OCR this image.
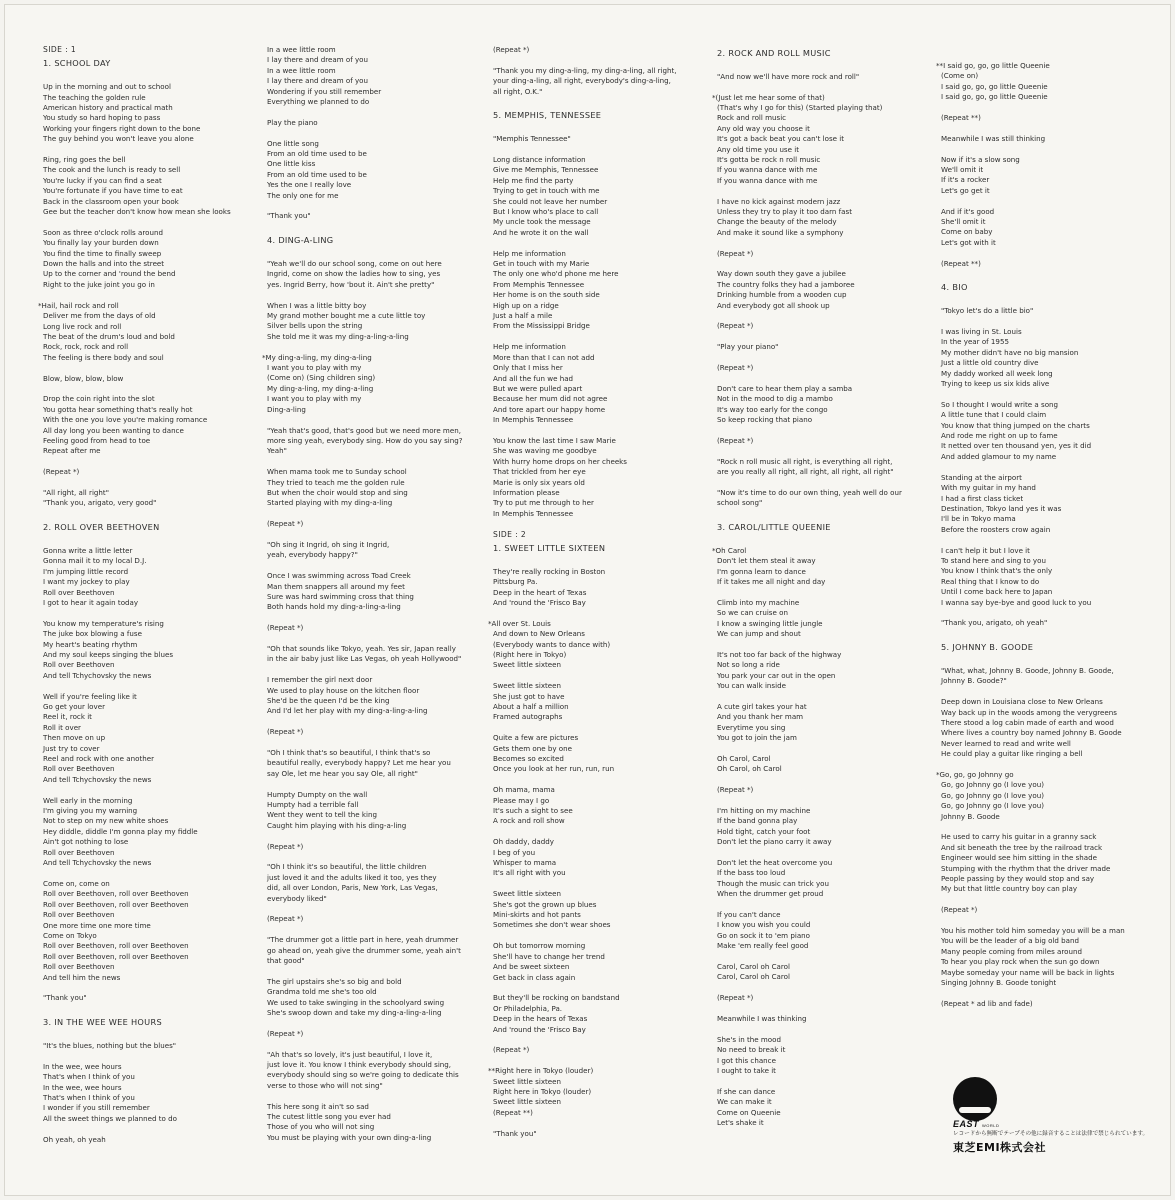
SIDE : 1
1. SCHOOL DAY
Up in the morning and out to school
The teaching the golden rule
American history and practical math
You study so hard hoping to pass
Working your fingers right down to the bone
The guy behind you won't leave you alone
Ring, ring goes the bell
The cook and the lunch is ready to sell
You're lucky if you can find a seat
You're fortunate if you have time to eat
Back in the classroom open your book
Gee but the teacher don't know how mean she looks
Soon as three o'clock rolls around
You finally lay your burden down
You find the time to finally sweep
Down the halls and into the street
Up to the corner and 'round the bend
Right to the juke joint you go in
*Hail, hail rock and roll
Deliver me from the days of old
Long live rock and roll
The beat of the drum's loud and bold
Rock, rock, rock and roll
The feeling is there body and soul
Blow, blow, blow, blow
Drop the coin right into the slot
You gotta hear something that's really hot
With the one you love you're making romance
All day long you been wanting to dance
Feeling good from head to toe
Repeat after me
(Repeat *)
"All right, all right"
"Thank you, arigato, very good"
2. ROLL OVER BEETHOVEN
Gonna write a little letter
Gonna mail it to my local D.J.
I'm jumping little record
I want my jockey to play
Roll over Beethoven
I got to hear it again today
You know my temperature's rising
The juke box blowing a fuse
My heart's beating rhythm
And my soul keeps singing the blues
Roll over Beethoven
And tell Tchychovsky the news
Well if you're feeling like it
Go get your lover
Reel it, rock it
Roll it over
Then move on up
Just try to cover
Reel and rock with one another
Roll over Beethoven
And tell Tchychovsky the news
Well early in the morning
I'm giving you my warning
Not to step on my new white shoes
Hey diddle, diddle I'm gonna play my fiddle
Ain't got nothing to lose
Roll over Beethoven
And tell Tchychovsky the news
Come on, come on
Roll over Beethoven, roll over Beethoven
Roll over Beethoven, roll over Beethoven
Roll over Beethoven
One more time one more time
Come on Tokyo
Roll over Beethoven, roll over Beethoven
Roll over Beethoven, roll over Beethoven
Roll over Beethoven
And tell him the news
"Thank you"
3. IN THE WEE WEE HOURS
"It's the blues, nothing but the blues"
In the wee, wee hours
That's when I think of you
In the wee, wee hours
That's when I think of you
I wonder if you still remember
All the sweet things we planned to do
Oh yeah, oh yeah
In a wee little room
I lay there and dream of you
In a wee little room
I lay there and dream of you
Wondering if you still remember
Everything we planned to do
Play the piano
One little song
From an old time used to be
One little kiss
From an old time used to be
Yes the one I really love
The only one for me
"Thank you"
4. DING-A-LING
"Yeah we'll do our school song, come on out here
Ingrid, come on show the ladies how to sing, yes
yes. Ingrid Berry, how 'bout it. Ain't she pretty"
When I was a little bitty boy
My grand mother bought me a cute little toy
Silver bells upon the string
She told me it was my ding-a-ling-a-ling
*My ding-a-ling, my ding-a-ling
I want you to play with my
(Come on) (Sing children sing)
My ding-a-ling, my ding-a-ling
I want you to play with my
Ding-a-ling
"Yeah that's good, that's good but we need more men,
more sing yeah, everybody sing. How do you say sing?
Yeah"
When mama took me to Sunday school
They tried to teach me the golden rule
But when the choir would stop and sing
Started playing with my ding-a-ling
(Repeat *)
"Oh sing it Ingrid, oh sing it Ingrid,
yeah, everybody happy?"
Once I was swimming across Toad Creek
Man them snappers all around my feet
Sure was hard swimming cross that thing
Both hands hold my ding-a-ling-a-ling
(Repeat *)
"Oh that sounds like Tokyo, yeah. Yes sir, Japan really
in the air baby just like Las Vegas, oh yeah Hollywood"
I remember the girl next door
We used to play house on the kitchen floor
She'd be the queen I'd be the king
And I'd let her play with my ding-a-ling-a-ling
(Repeat *)
"Oh I think that's so beautiful, I think that's so
beautiful really, everybody happy? Let me hear you
say Ole, let me hear you say Ole, all right"
Humpty Dumpty on the wall
Humpty had a terrible fall
Went they went to tell the king
Caught him playing with his ding-a-ling
(Repeat *)
"Oh I think it's so beautiful, the little children
just loved it and the adults liked it too, yes they
did, all over London, Paris, New York, Las Vegas,
everybody liked"
(Repeat *)
"The drummer got a little part in here, yeah drummer
go ahead on, yeah give the drummer some, yeah ain't
that good"
The girl upstairs she's so big and bold
Grandma told me she's too old
We used to take swinging in the schoolyard swing
She's swoop down and take my ding-a-ling-a-ling
(Repeat *)
"Ah that's so lovely, it's just beautiful, I love it,
just love it. You know I think everybody should sing,
everybody should sing so we're going to dedicate this
verse to those who will not sing"
This here song it ain't so sad
The cutest little song you ever had
Those of you who will not sing
You must be playing with your own ding-a-ling
(Repeat *)
"Thank you my ding-a-ling, my ding-a-ling, all right,
your ding-a-ling, all right, everybody's ding-a-ling,
all right, O.K."
5. MEMPHIS, TENNESSEE
"Memphis Tennessee"
Long distance information
Give me Memphis, Tennessee
Help me find the party
Trying to get in touch with me
She could not leave her number
But I know who's place to call
My uncle took the message
And he wrote it on the wall
Help me information
Get in touch with my Marie
The only one who'd phone me here
From Memphis Tennessee
Her home is on the south side
High up on a ridge
Just a half a mile
From the Mississippi Bridge
Help me information
More than that I can not add
Only that I miss her
And all the fun we had
But we were pulled apart
Because her mum did not agree
And tore apart our happy home
In Memphis Tennessee
You know the last time I saw Marie
She was waving me goodbye
With hurry home drops on her cheeks
That trickled from her eye
Marie is only six years old
Information please
Try to put me through to her
In Memphis Tennessee
SIDE : 2
1. SWEET LITTLE SIXTEEN
They're really rocking in Boston
Pittsburg Pa.
Deep in the heart of Texas
And 'round the 'Frisco Bay
*All over St. Louis
And down to New Orleans
(Everybody wants to dance with)
(Right here in Tokyo)
Sweet little sixteen
Sweet little sixteen
She just got to have
About a half a million
Framed autographs
Quite a few are pictures
Gets them one by one
Becomes so excited
Once you look at her run, run, run
Oh mama, mama
Please may I go
It's such a sight to see
A rock and roll show
Oh daddy, daddy
I beg of you
Whisper to mama
It's all right with you
Sweet little sixteen
She's got the grown up blues
Mini-skirts and hot pants
Sometimes she don't wear shoes
Oh but tomorrow morning
She'll have to change her trend
And be sweet sixteen
Get back in class again
But they'll be rocking on bandstand
Or Philadelphia, Pa.
Deep in the hears of Texas
And 'round the 'Frisco Bay
(Repeat *)
**Right here in Tokyo (louder)
Sweet little sixteen
Right here in Tokyo (louder)
Sweet little sixteen
(Repeat **)
"Thank you"
2. ROCK AND ROLL MUSIC
"And now we'll have more rock and roll"
*(Just let me hear some of that)
(That's why I go for this) (Started playing that)
Rock and roll music
Any old way you choose it
It's got a back beat you can't lose it
Any old time you use it
It's gotta be rock n roll music
If you wanna dance with me
If you wanna dance with me
I have no kick against modern jazz
Unless they try to play it too darn fast
Change the beauty of the melody
And make it sound like a symphony
(Repeat *)
Way down south they gave a jubilee
The country folks they had a jamboree
Drinking humble from a wooden cup
And everybody got all shook up
(Repeat *)
"Play your piano"
(Repeat *)
Don't care to hear them play a samba
Not in the mood to dig a mambo
It's way too early for the congo
So keep rocking that piano
(Repeat *)
"Rock n roll music all right, is everything all right,
are you really all right, all right, all right, all right"
"Now it's time to do our own thing, yeah well do our
school song"
3. CAROL/LITTLE QUEENIE
*Oh Carol
Don't let them steal it away
I'm gonna learn to dance
If it takes me all night and day
Climb into my machine
So we can cruise on
I know a swinging little jungle
We can jump and shout
It's not too far back of the highway
Not so long a ride
You park your car out in the open
You can walk inside
A cute girl takes your hat
And you thank her mam
Everytime you sing
You got to join the jam
Oh Carol, Carol
Oh Carol, oh Carol
(Repeat *)
I'm hitting on my machine
If the band gonna play
Hold tight, catch your foot
Don't let the piano carry it away
Don't let the heat overcome you
If the bass too loud
Though the music can trick you
When the drummer get proud
If you can't dance
I know you wish you could
Go on sock it to 'em piano
Make 'em really feel good
Carol, Carol oh Carol
Carol, Carol oh Carol
(Repeat *)
Meanwhile I was thinking
She's in the mood
No need to break it
I got this chance
I ought to take it
If she can dance
We can make it
Come on Queenie
Let's shake it
**I said go, go, go little Queenie
(Come on)
I said go, go, go little Queenie
I said go, go, go little Queenie
(Repeat **)
Meanwhile I was still thinking
Now if it's a slow song
We'll omit it
If it's a rocker
Let's go get it
And if it's good
She'll omit it
Come on baby
Let's got with it
(Repeat **)
4. BIO
"Tokyo let's do a little bio"
I was living in St. Louis
In the year of 1955
My mother didn't have no big mansion
Just a little old country dive
My daddy worked all week long
Trying to keep us six kids alive
So I thought I would write a song
A little tune that I could claim
You know that thing jumped on the charts
And rode me right on up to fame
It netted over ten thousand yen, yes it did
And added glamour to my name
Standing at the airport
With my guitar in my hand
I had a first class ticket
Destination, Tokyo land yes it was
I'll be in Tokyo mama
Before the roosters crow again
I can't help it but I love it
To stand here and sing to you
You know I think that's the only
Real thing that I know to do
Until I come back here to Japan
I wanna say bye-bye and good luck to you
"Thank you, arigato, oh yeah"
5. JOHNNY B. GOODE
"What, what, Johnny B. Goode, Johnny B. Goode,
Johnny B. Goode?"
Deep down in Louisiana close to New Orleans
Way back up in the woods among the verygreens
There stood a log cabin made of earth and wood
Where lives a country boy named Johnny B. Goode
Never learned to read and write well
He could play a guitar like ringing a bell
*Go, go, go Johnny go
Go, go Johnny go (I love you)
Go, go Johnny go (I love you)
Go, go Johnny go (I love you)
Johnny B. Goode
He used to carry his guitar in a granny sack
And sit beneath the tree by the railroad track
Engineer would see him sitting in the shade
Stumping with the rhythm that the driver made
People passing by they would stop and say
My but that little country boy can play
(Repeat *)
You his mother told him someday you will be a man
You will be the leader of a big old band
Many people coming from miles around
To hear you play rock when the sun go down
Maybe someday your name will be back in lights
Singing Johnny B. Goode tonight
(Repeat * ad lib and fade)
EAST WORLD
レコードから無断でテープその他に録音することは法律で禁じられています。
東芝EMI株式会社
